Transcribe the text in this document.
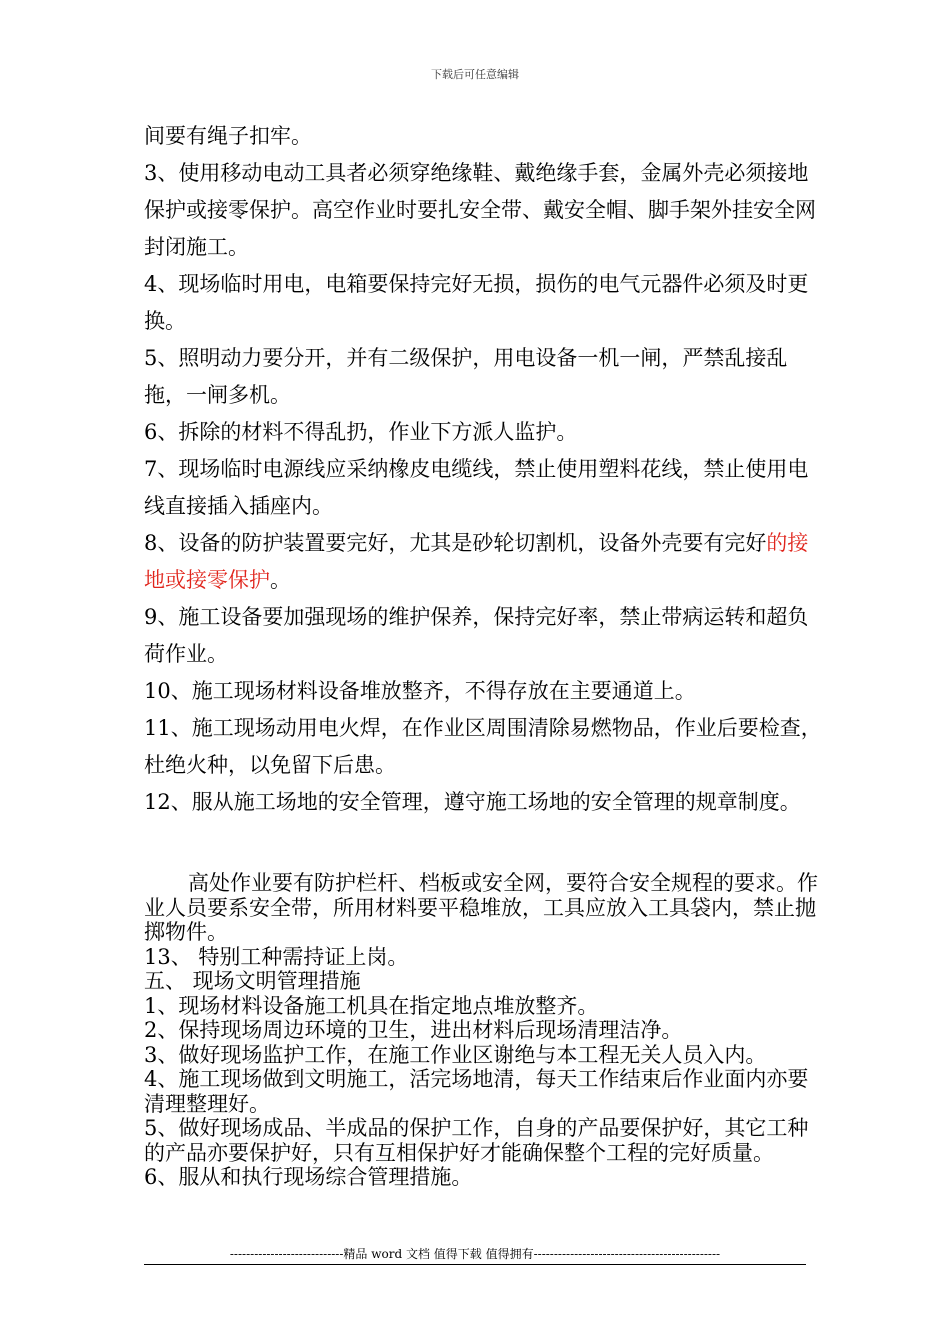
下载后可任意编辑

间要有绳子扣牢。

3、使用移动电动工具者必须穿绝缘鞋、戴绝缘手套，金属外壳必须接地保护或接零保护。高空作业时要扎安全带、戴安全帽、脚手架外挂安全网封闭施工。

4、现场临时用电，电箱要保持完好无损，损伤的电气元器件必须及时更换。

5、照明动力要分开，并有二级保护，用电设备一机一闸，严禁乱接乱拖，一闸多机。

6、拆除的材料不得乱扔，作业下方派人监护。

7、现场临时电源线应采纳橡皮电缆线，禁止使用塑料花线，禁止使用电线直接插入插座内。

8、设备的防护装置要完好，尤其是砂轮切割机，设备外壳要有完好的接地或接零保护。

9、施工设备要加强现场的维护保养，保持完好率，禁止带病运转和超负荷作业。

10、施工现场材料设备堆放整齐，不得存放在主要通道上。

11、施工现场动用电火焊，在作业区周围清除易燃物品，作业后要检查，杜绝火种，以免留下后患。

12、服从施工场地的安全管理，遵守施工场地的安全管理的规章制度。

高处作业要有防护栏杆、档板或安全网，要符合安全规程的要求。作业人员要系安全带，所用材料要平稳堆放，工具应放入工具袋内，禁止抛掷物件。

13、 特别工种需持证上岗。

五、 现场文明管理措施

1、现场材料设备施工机具在指定地点堆放整齐。

2、保持现场周边环境的卫生，进出材料后现场清理洁净。

3、做好现场监护工作，在施工作业区谢绝与本工程无关人员入内。

4、施工现场做到文明施工，活完场地清，每天工作结束后作业面内亦要清理整理好。

5、做好现场成品、半成品的保护工作，自身的产品要保护好，其它工种的产品亦要保护好，只有互相保护好才能确保整个工程的完好质量。

6、服从和执行现场综合管理措施。

----------------------------精品 word 文档 值得下载 值得拥有----------------------------------------------
